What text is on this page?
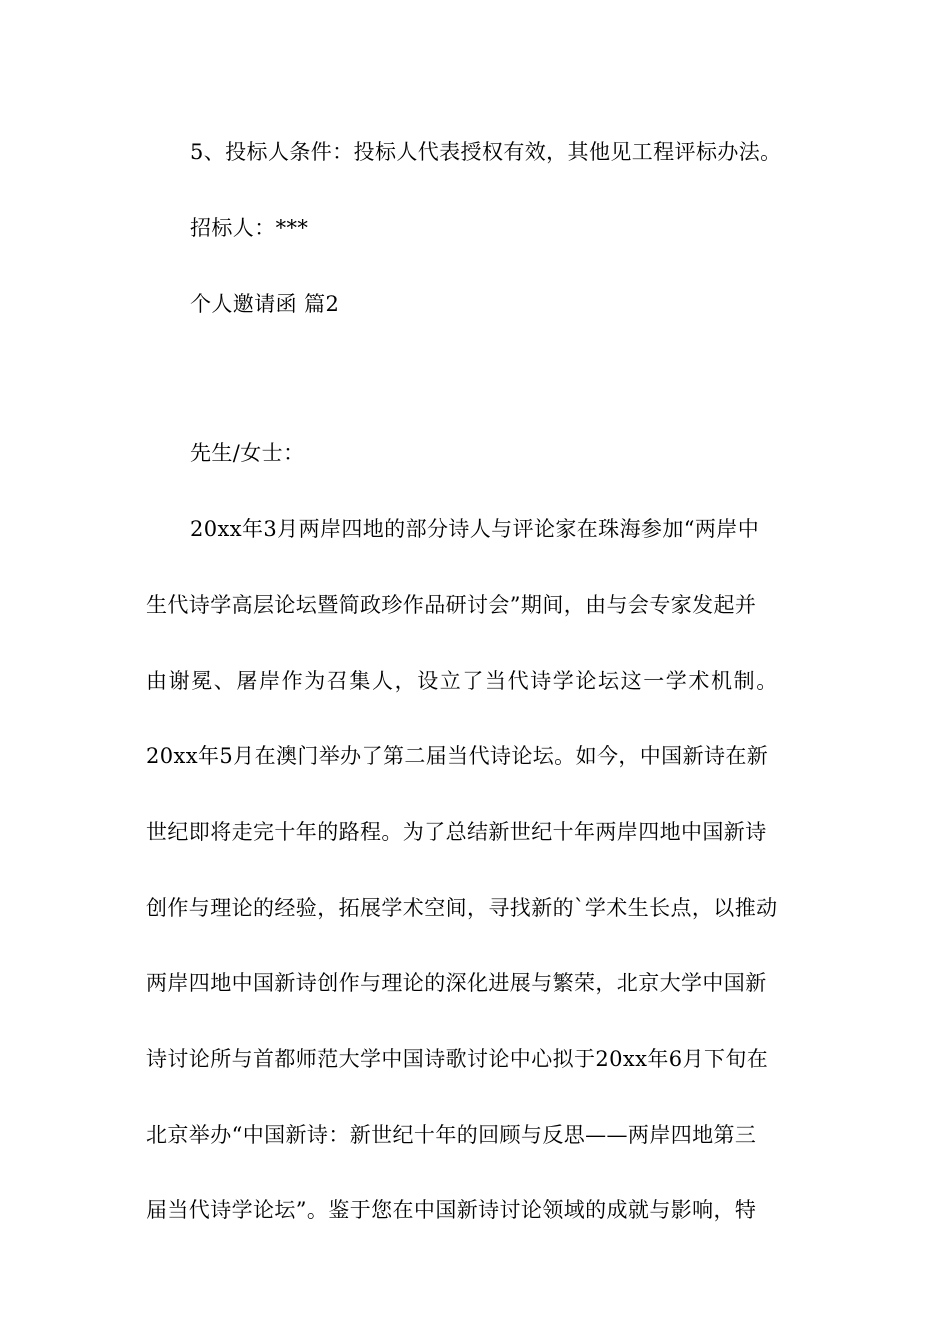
5、投标人条件：投标人代表授权有效，其他见工程评标办法。

招标人：***

个人邀请函 篇2

先生/女士：

20xx年3月两岸四地的部分诗人与评论家在珠海参加“两岸中

生代诗学高层论坛暨简政珍作品研讨会”期间，由与会专家发起并

由谢冕、屠岸作为召集人，设立了当代诗学论坛这一学术机制。

20xx年5月在澳门举办了第二届当代诗论坛。如今，中国新诗在新

世纪即将走完十年的路程。为了总结新世纪十年两岸四地中国新诗

创作与理论的经验，拓展学术空间，寻找新的`学术生长点，以推动

两岸四地中国新诗创作与理论的深化进展与繁荣，北京大学中国新

诗讨论所与首都师范大学中国诗歌讨论中心拟于20xx年6月下旬在

北京举办“中国新诗：新世纪十年的回顾与反思——两岸四地第三

届当代诗学论坛”。鉴于您在中国新诗讨论领域的成就与影响，特
